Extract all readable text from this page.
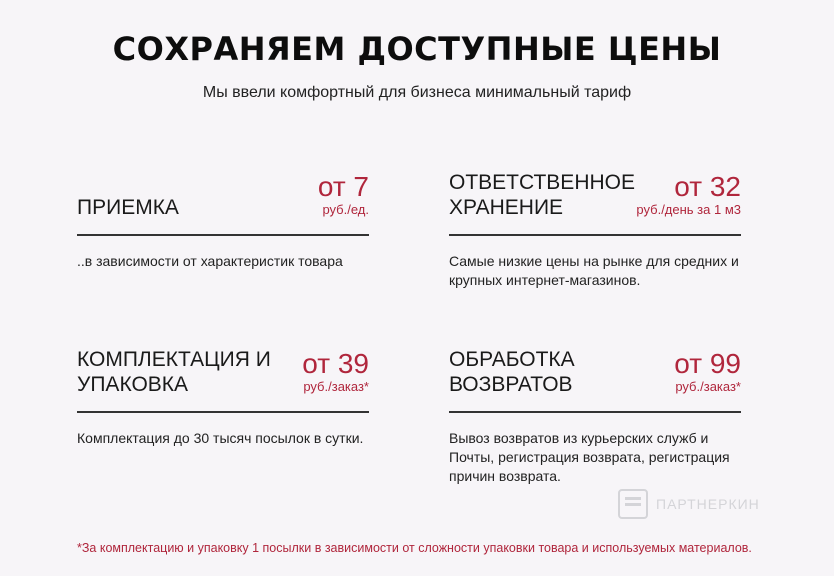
СОХРАНЯЕМ ДОСТУПНЫЕ ЦЕНЫ
Мы ввели комфортный для бизнеса минимальный тариф
ПРИЕМКА
от 7
руб./ед.
..в зависимости от характеристик товара
ОТВЕТСТВЕННОЕ ХРАНЕНИЕ
от 32
руб./день за 1 м3
Самые низкие цены на рынке для средних и крупных интернет-магазинов.
КОМПЛЕКТАЦИЯ И УПАКОВКА
от 39
руб./заказ*
Комплектация до 30 тысяч посылок в сутки.
ОБРАБОТКА ВОЗВРАТОВ
от 99
руб./заказ*
Вывоз возвратов из курьерских служб и Почты, регистрация возврата, регистрация причин возврата.
ПАРТНЕРКИН
*За комплектацию и упаковку 1 посылки в зависимости от сложности упаковки товара и используемых материалов.
